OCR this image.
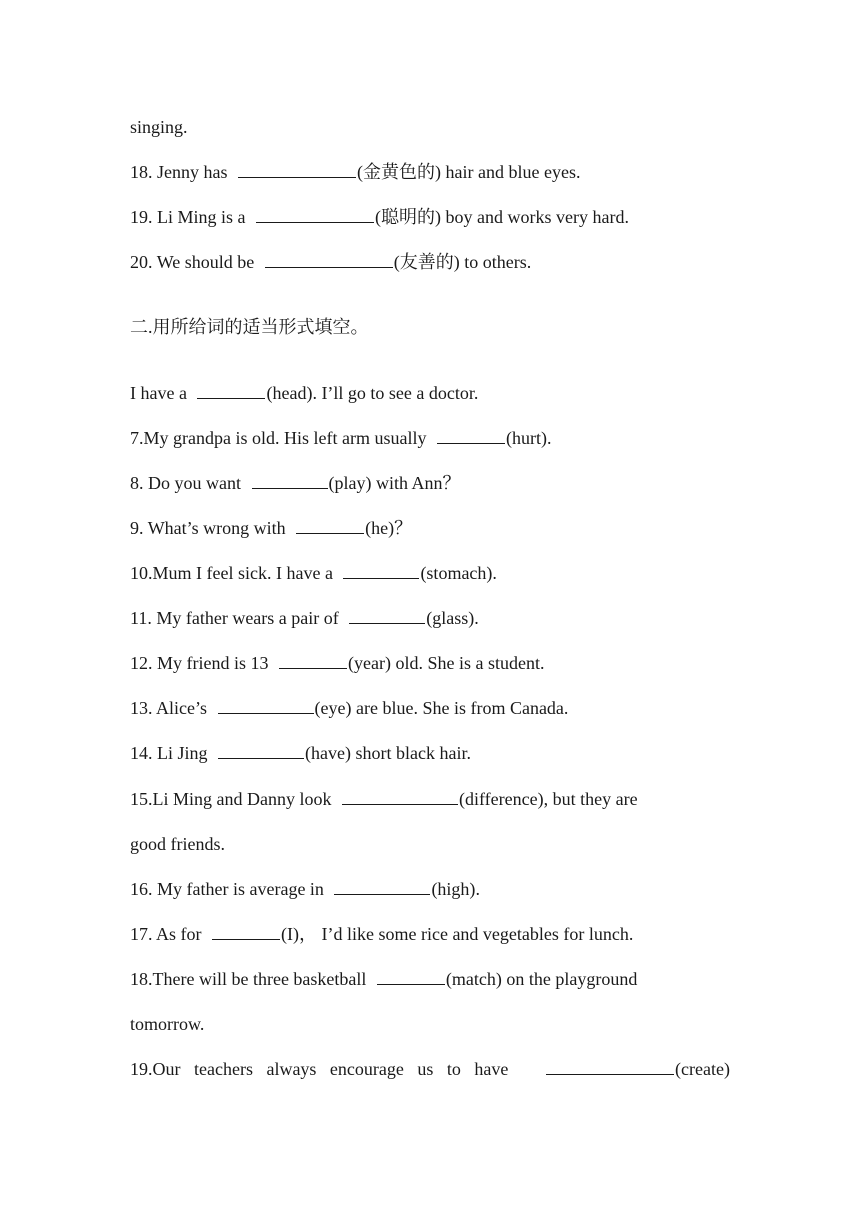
singing.
18. Jenny has	(金黄色的) hair and blue eyes.
19. Li Ming is a	(聪明的) boy and works very hard.
20. We should be	(友善的) to others.
二.用所给词的适当形式填空。
I have a	(head). I’ll go to see a doctor.
7.My grandpa is old. His left arm usually	(hurt).
8. Do you want	(play) with Ann？
9. What’s wrong with	(he)？
10.Mum I feel sick. I have a	(stomach).
11. My father wears a pair of	(glass).
12. My friend is 13	(year) old. She is a student.
13. Alice’s	(eye) are blue. She is from Canada.
14. Li Jing	(have) short black hair.
15.Li Ming and Danny look	(difference), but they are
good friends.
16. My father is average in	(high).
17. As for	(I)， I’d like some rice and vegetables for lunch.
18.There will be three basketball	(match) on the playground
tomorrow.
19.Our teachers always encourage us to have	(create)
